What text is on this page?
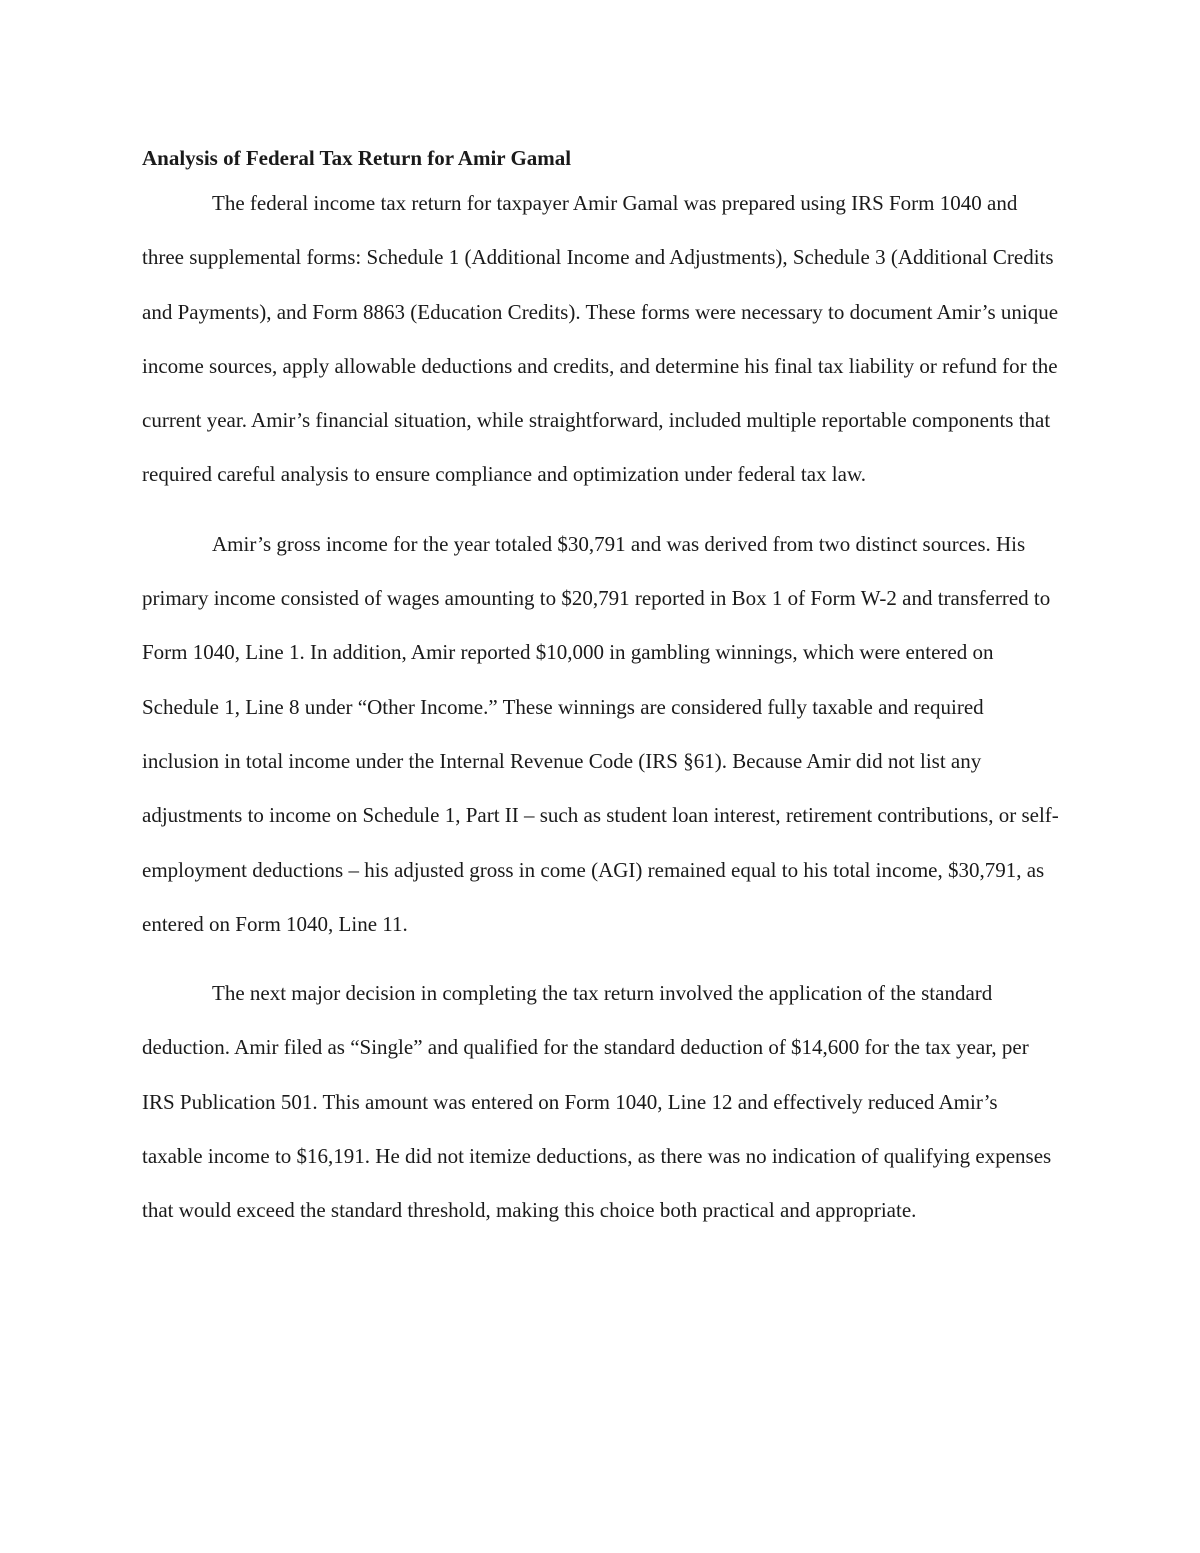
Analysis of Federal Tax Return for Amir Gamal

The federal income tax return for taxpayer Amir Gamal was prepared using IRS Form 1040 and three supplemental forms: Schedule 1 (Additional Income and Adjustments), Schedule 3 (Additional Credits and Payments), and Form 8863 (Education Credits). These forms were necessary to document Amir’s unique income sources, apply allowable deductions and credits, and determine his final tax liability or refund for the current year. Amir’s financial situation, while straightforward, included multiple reportable components that required careful analysis to ensure compliance and optimization under federal tax law.

Amir’s gross income for the year totaled $30,791 and was derived from two distinct sources. His primary income consisted of wages amounting to $20,791 reported in Box 1 of Form W-2 and transferred to Form 1040, Line 1. In addition, Amir reported $10,000 in gambling winnings, which were entered on Schedule 1, Line 8 under “Other Income.” These winnings are considered fully taxable and required inclusion in total income under the Internal Revenue Code (IRS §61). Because Amir did not list any adjustments to income on Schedule 1, Part II – such as student loan interest, retirement contributions, or self-employment deductions – his adjusted gross in come (AGI) remained equal to his total income, $30,791, as entered on Form 1040, Line 11.

The next major decision in completing the tax return involved the application of the standard deduction. Amir filed as “Single” and qualified for the standard deduction of $14,600 for the tax year, per IRS Publication 501. This amount was entered on Form 1040, Line 12 and effectively reduced Amir’s taxable income to $16,191. He did not itemize deductions, as there was no indication of qualifying expenses that would exceed the standard threshold, making this choice both practical and appropriate.
